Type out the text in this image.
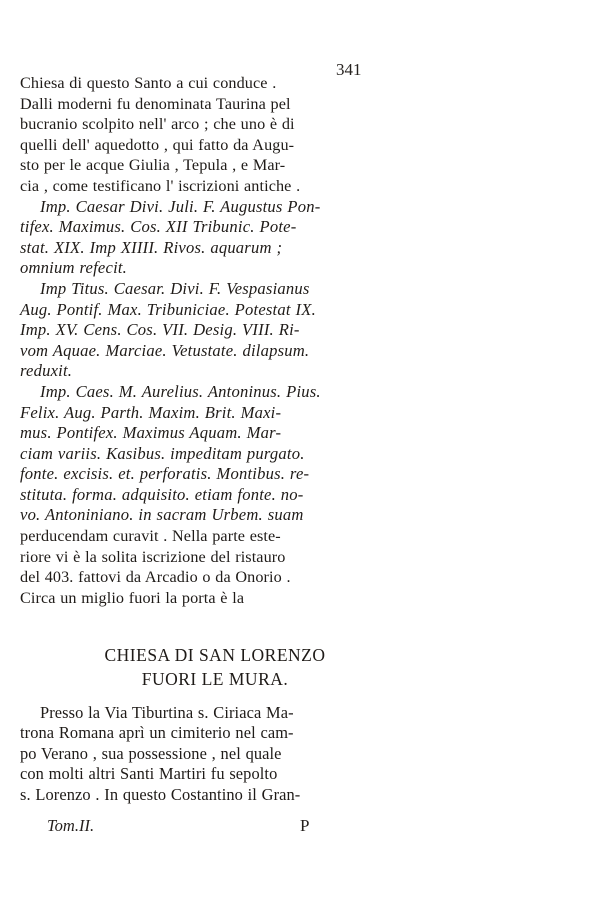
341
Chiesa di questo Santo a cui conduce .
Dalli moderni fu denominata Taurina pel
bucranio scolpito nell' arco ; che uno è di
quelli dell' aquedotto , qui fatto da Augu-
sto per le acque Giulia , Tepula , e Mar-
cia , come testificano l' iscrizioni antiche .
Imp. Caesar Divi. Juli. F. Augustus Pon-
tifex. Maximus. Cos. XII Tribunic. Pote-
stat. XIX. Imp XIIII. Rivos. aquarum ;
omnium refecit.
Imp Titus. Caesar. Divi. F. Vespasianus
Aug. Pontif. Max. Tribuniciae. Potestat IX.
Imp. XV. Cens. Cos. VII. Desig. VIII. Ri-
vom Aquae. Marciae. Vetustate. dilapsum.
reduxit.
Imp. Caes. M. Aurelius. Antoninus. Pius.
Felix. Aug. Parth. Maxim. Brit. Maxi-
mus. Pontifex. Maximus Aquam. Mar-
ciam variis. Kasibus. impeditam purgato.
fonte. excisis. et. perforatis. Montibus. re-
stituta. forma. adquisito. etiam fonte. no-
vo. Antoniniano. in sacram Urbem. suam
perducendam curavit . Nella parte este-
riore vi è la solita iscrizione del ristauro
del 403. fattovi da Arcadio o da Onorio .
Circa un miglio fuori la porta è la
CHIESA DI SAN LORENZO
FUORI LE MURA.
Presso la Via Tiburtina s. Ciriaca Ma-
trona Romana aprì un cimiterio nel cam-
po Verano , sua possessione , nel quale
con molti altri Santi Martiri fu sepolto
s. Lorenzo . In questo Costantino il Gran-
Tom.II.	P
